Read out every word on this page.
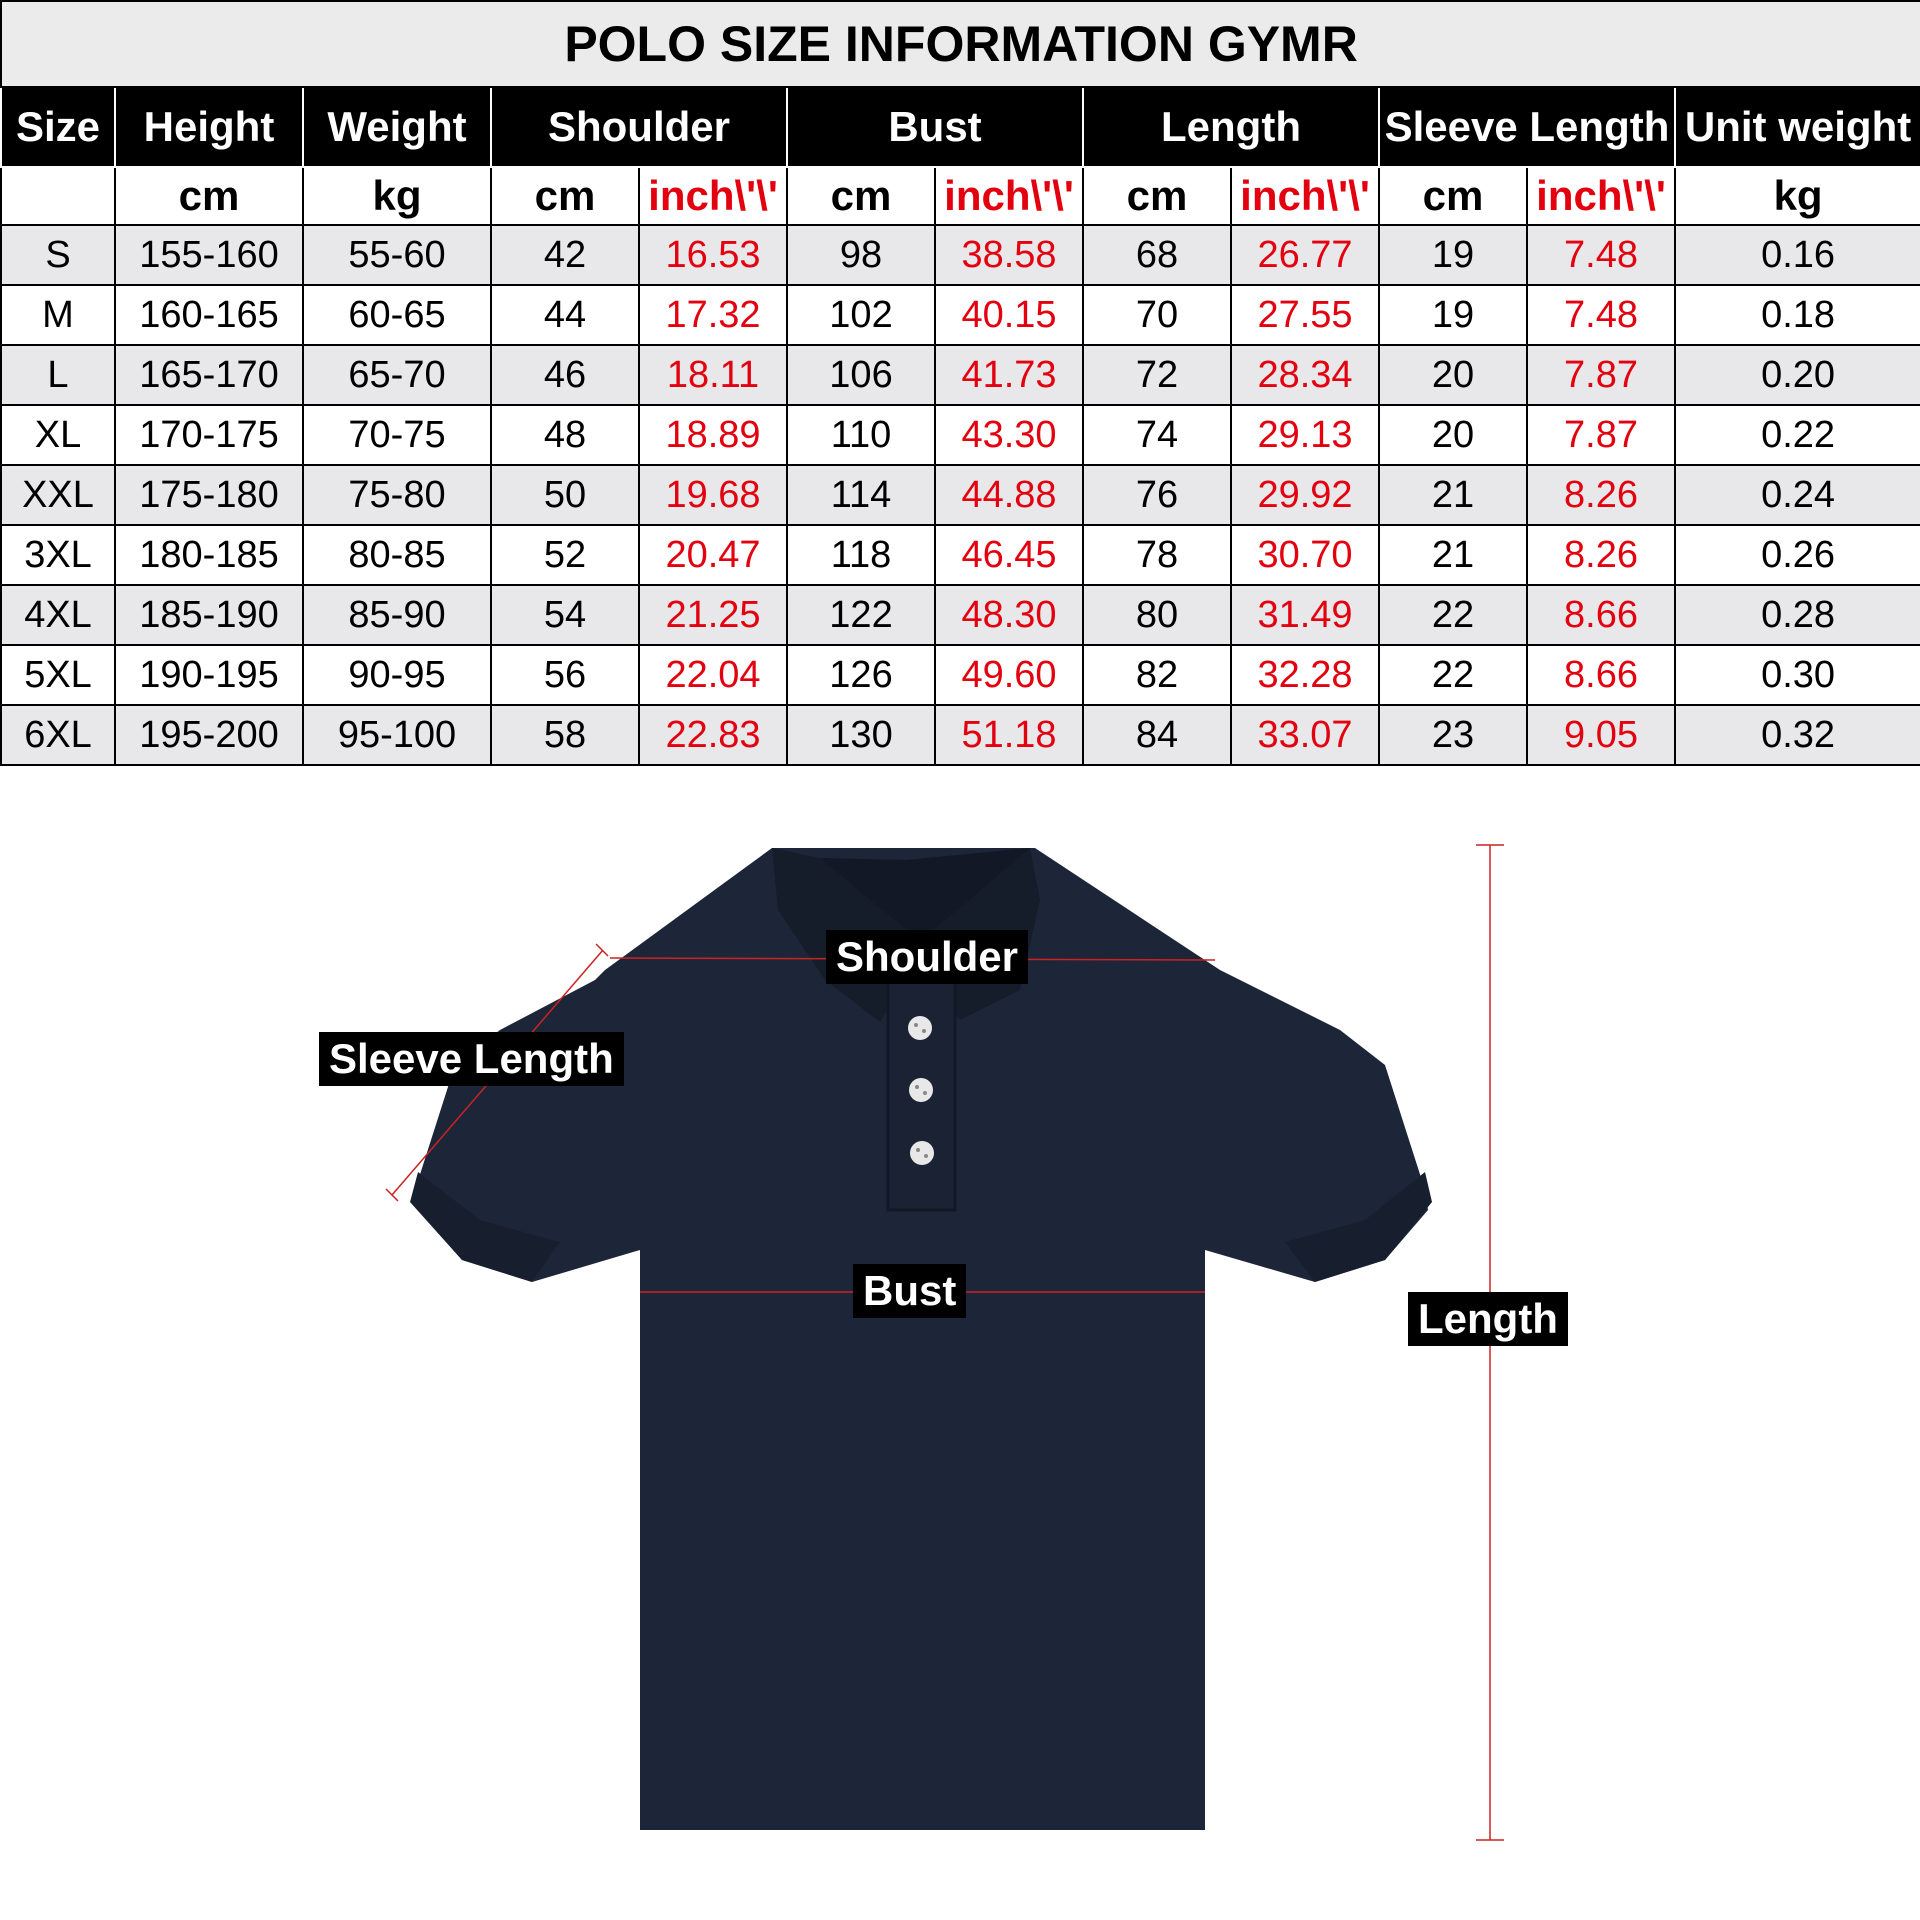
POLO SIZE INFORMATION GYMR											
Size	Height	Weight	Shoulder		Bust		Length		Sleeve Length		Unit weight
	cm	kg	cm	inch\'\'	cm	inch\'\'	cm	inch\'\'	cm	inch\'\'	kg
S	155-160	55-60	42	16.53	98	38.58	68	26.77	19	7.48	0.16
M	160-165	60-65	44	17.32	102	40.15	70	27.55	19	7.48	0.18
L	165-170	65-70	46	18.11	106	41.73	72	28.34	20	7.87	0.20
XL	170-175	70-75	48	18.89	110	43.30	74	29.13	20	7.87	0.22
XXL	175-180	75-80	50	19.68	114	44.88	76	29.92	21	8.26	0.24
3XL	180-185	80-85	52	20.47	118	46.45	78	30.70	21	8.26	0.26
4XL	185-190	85-90	54	21.25	122	48.30	80	31.49	22	8.66	0.28
5XL	190-195	90-95	56	22.04	126	49.60	82	32.28	22	8.66	0.30
6XL	195-200	95-100	58	22.83	130	51.18	84	33.07	23	9.05	0.32
Shoulder
Sleeve Length
Bust
Length
